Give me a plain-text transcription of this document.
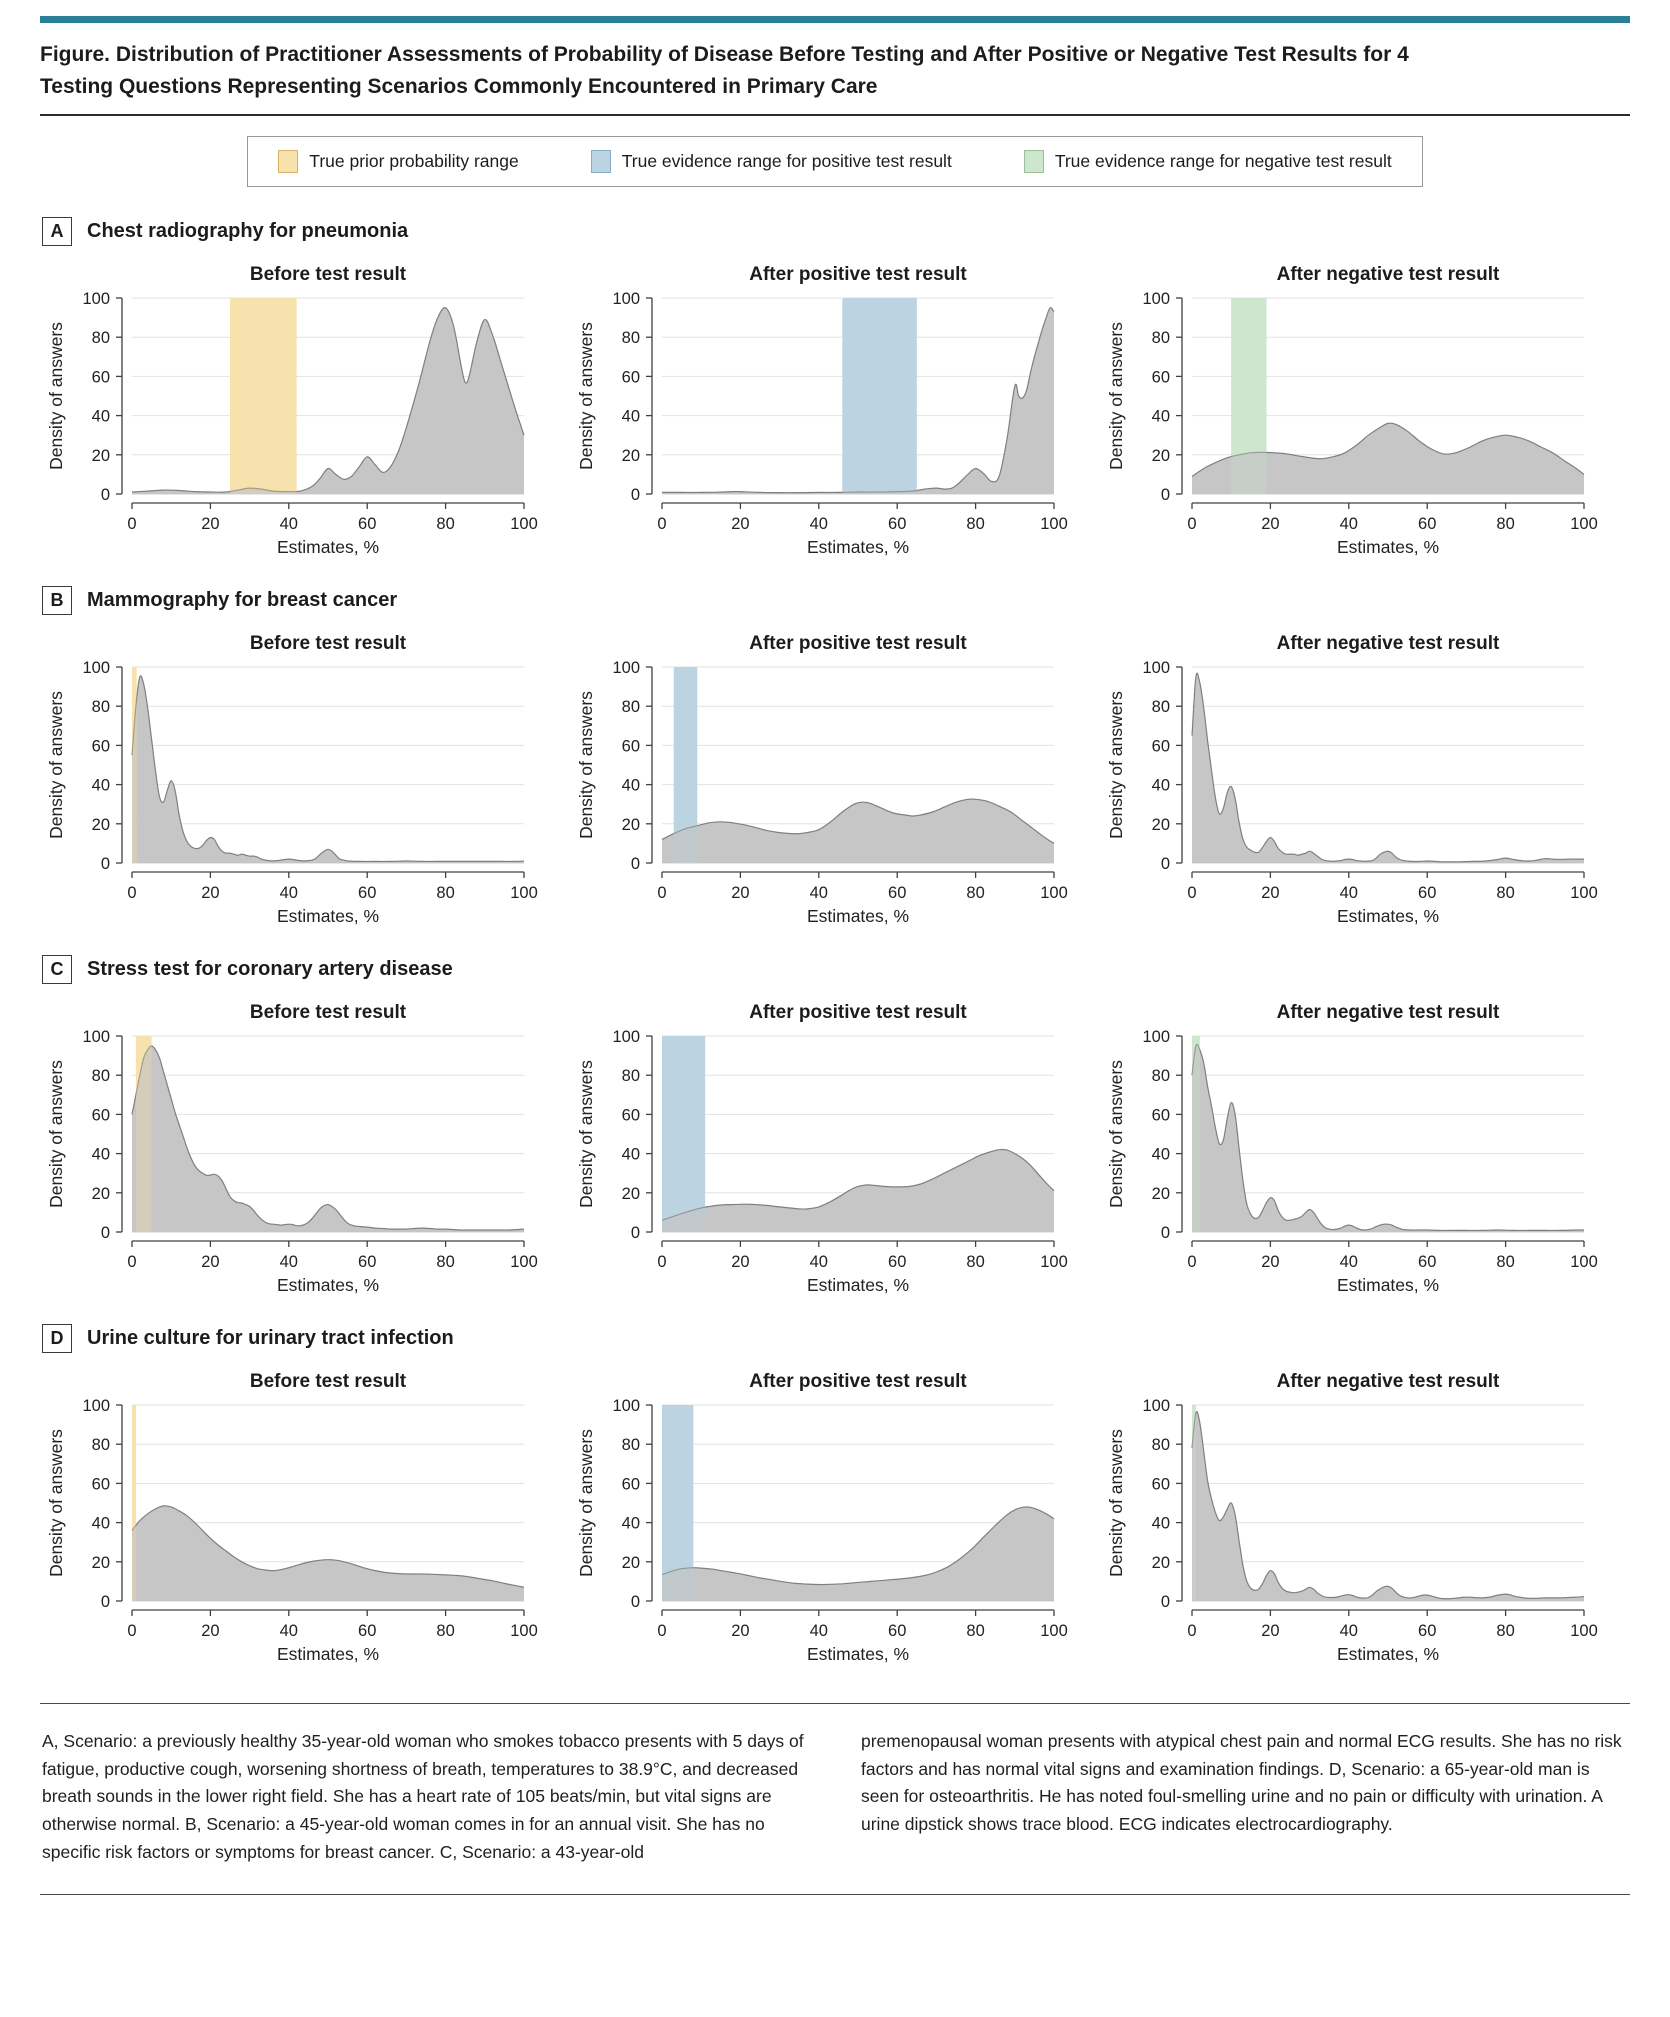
Figure. Distribution of Practitioner Assessments of Probability of Disease Before Testing and After Positive or Negative Test Results for 4 Testing Questions Representing Scenarios Commonly Encountered in Primary Care
True prior probability range	True evidence range for positive test result	True evidence range for negative test result
A	Chest radiography for pneumonia
Before test result
0
20
40
60
80
100
0	20	40	60	80	100
Estimates, %
Density of answers
After positive test result
0
20
40
60
80
100
0	20	40	60	80	100
Estimates, %
Density of answers
After negative test result
0
20
40
60
80
100
0	20	40	60	80	100
Estimates, %
Density of answers
B	Mammography for breast cancer
Before test result
0
20
40
60
80
100
0	20	40	60	80	100
Estimates, %
Density of answers
After positive test result
0
20
40
60
80
100
0	20	40	60	80	100
Estimates, %
Density of answers
After negative test result
0
20
40
60
80
100
0	20	40	60	80	100
Estimates, %
Density of answers
C	Stress test for coronary artery disease
Before test result
0
20
40
60
80
100
0	20	40	60	80	100
Estimates, %
Density of answers
After positive test result
0
20
40
60
80
100
0	20	40	60	80	100
Estimates, %
Density of answers
After negative test result
0
20
40
60
80
100
0	20	40	60	80	100
Estimates, %
Density of answers
D	Urine culture for urinary tract infection
Before test result
0
20
40
60
80
100
0	20	40	60	80	100
Estimates, %
Density of answers
After positive test result
0
20
40
60
80
100
0	20	40	60	80	100
Estimates, %
Density of answers
After negative test result
0
20
40
60
80
100
0	20	40	60	80	100
Estimates, %
Density of answers
A, Scenario: a previously healthy 35-year-old woman who smokes tobacco presents with 5 days of fatigue, productive cough, worsening shortness of breath, temperatures to 38.9°C, and decreased breath sounds in the lower right field. She has a heart rate of 105 beats/min, but vital signs are otherwise normal. B, Scenario: a 45-year-old woman comes in for an annual visit. She has no specific risk factors or symptoms for breast cancer. C, Scenario: a 43-year-old
premenopausal woman presents with atypical chest pain and normal ECG results. She has no risk factors and has normal vital signs and examination findings. D, Scenario: a 65-year-old man is seen for osteoarthritis. He has noted foul-smelling urine and no pain or difficulty with urination. A urine dipstick shows trace blood. ECG indicates electrocardiography.
